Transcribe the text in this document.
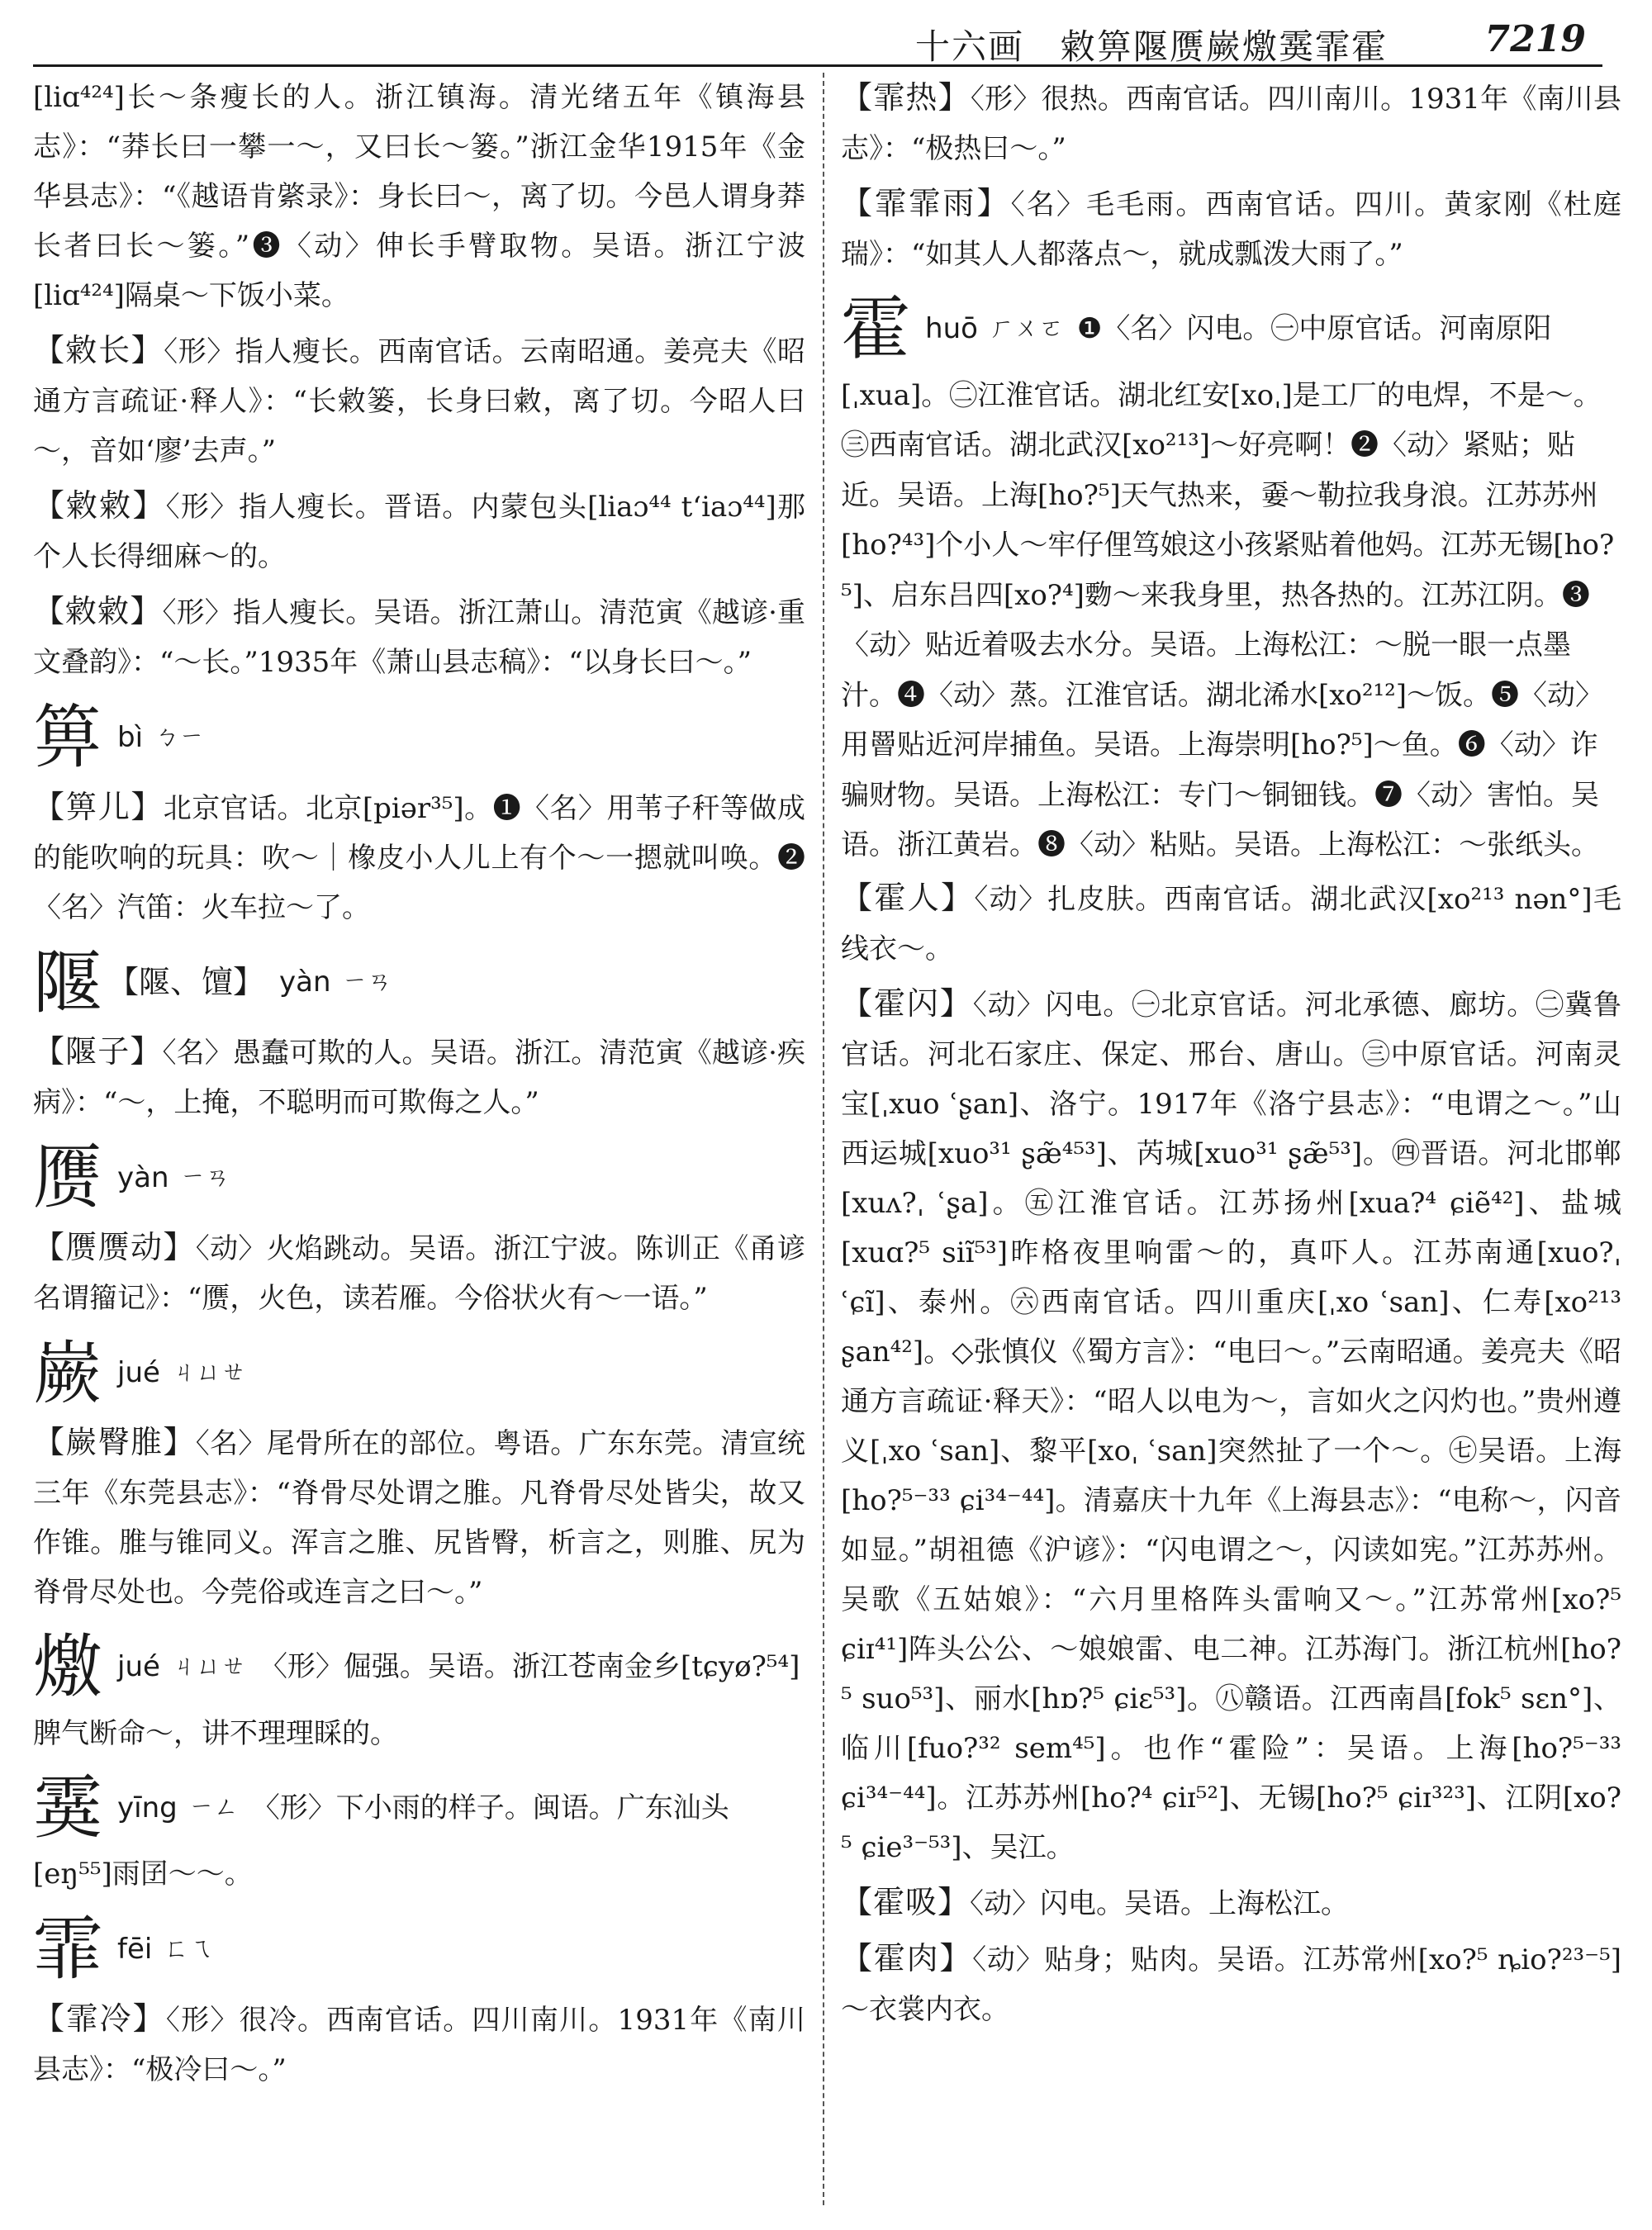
十六画　敹箅隁赝嶡燩霙霏霍	7219

[liɑ⁴²⁴]长～条瘦长的人。浙江镇海。清光绪五年《镇海县志》：“莽长曰一攀一～，又曰长～篓。”浙江金华1915年《金华县志》：“《越语肯綮录》：身长曰～，离了切。今邑人谓身莽长者曰长～篓。”❸〈动〉伸长手臂取物。吴语。浙江宁波[liɑ⁴²⁴]隔桌～下饭小菜。

【敹长】〈形〉指人瘦长。西南官话。云南昭通。姜亮夫《昭通方言疏证·释人》：“长敹篓，长身曰敹，离了切。今昭人曰～，音如‘廖’去声。”

【敹敹】〈形〉指人瘦长。晋语。内蒙包头[liaɔ⁴⁴ t‘iaɔ⁴⁴]那个人长得细麻～的。

【敹敹】〈形〉指人瘦长。吴语。浙江萧山。清范寅《越谚·重文叠韵》：“～长。”1935年《萧山县志稿》：“以身长曰～。”

箅bì ㄅㄧ

【箅儿】北京官话。北京[piər³⁵]。❶〈名〉用苇子秆等做成的能吹响的玩具：吹～｜橡皮小人儿上有个～一摁就叫唤。❷〈名〉汽笛：火车拉～了。

隁 【隁、𫗴】 yàn ㄧㄢ

【隁子】〈名〉愚蠢可欺的人。吴语。浙江。清范寅《越谚·疾病》：“～，上掩，不聪明而可欺侮之人。”

赝yàn ㄧㄢ

【赝赝动】〈动〉火焰跳动。吴语。浙江宁波。陈训正《甬谚名谓籀记》：“赝，火色，读若雁。今俗状火有～一语。”

嶡jué ㄐㄩㄝ

【嶡臀脽】〈名〉尾骨所在的部位。粤语。广东东莞。清宣统三年《东莞县志》：“脊骨尽处谓之脽。凡脊骨尽处皆尖，故又作锥。脽与锥同义。浑言之脽、尻皆臀，析言之，则脽、尻为脊骨尽处也。今莞俗或连言之曰～。”

燩jué ㄐㄩㄝ 〈形〉倔强。吴语。浙江苍南金乡[tɕyø?⁵⁴]脾气断命～，讲不理理睬的。
霙yīng ㄧㄥ 〈形〉下小雨的样子。闽语。广东汕头[eŋ⁵⁵]雨囝～～。
霏fēi ㄈㄟ

【霏冷】〈形〉很冷。西南官话。四川南川。1931年《南川县志》：“极冷曰～。”

【霏热】〈形〉很热。西南官话。四川南川。1931年《南川县志》：“极热曰～。”

【霏霏雨】〈名〉毛毛雨。西南官话。四川。黄家刚《杜庭瑞》：“如其人人都落点～，就成瓢泼大雨了。”

霍huō ㄏㄨㄛ ❶〈名〉闪电。㊀中原官话。河南原阳[ˌxua]。㊁江淮官话。湖北红安[xoˌ]是工厂的电焊，不是～。㊂西南官话。湖北武汉[xo²¹³]～好亮啊！❷〈动〉紧贴；贴近。吴语。上海[ho?⁵]天气热来，嫑～勒拉我身浪。江苏苏州[ho?⁴³]个小人～牢仔俚笃娘这小孩紧贴着他妈。江苏无锡[ho?⁵]、启东吕四[xo?⁴]覅～来我身里，热各热的。江苏江阴。❸〈动〉贴近着吸去水分。吴语。上海松江：～脱一眼一点墨汁。❹〈动〉蒸。江淮官话。湖北浠水[xo²¹²]～饭。❺〈动〉用罾贴近河岸捕鱼。吴语。上海崇明[ho?⁵]～鱼。❻〈动〉诈骗财物。吴语。上海松江：专门～铜钿钱。❼〈动〉害怕。吴语。浙江黄岩。❽〈动〉粘贴。吴语。上海松江：～张纸头。

【霍人】〈动〉扎皮肤。西南官话。湖北武汉[xo²¹³ nən°]毛线衣～。

【霍闪】〈动〉闪电。㊀北京官话。河北承德、廊坊。㊁冀鲁官话。河北石家庄、保定、邢台、唐山。㊂中原官话。河南灵宝[ˌxuo ʿʂan]、洛宁。1917年《洛宁县志》：“电谓之～。”山西运城[xuo³¹ ʂæ̃⁴⁵³]、芮城[xuo³¹ ʂæ̃⁵³]。㊃晋语。河北邯郸[xuʌ?ˌ ʿʂa]。㊄江淮官话。江苏扬州[xua?⁴ ɕiẽ⁴²]、盐城[xuɑ?⁵ siĩ⁵³]昨格夜里响雷～的，真吓人。江苏南通[xuo?ˌ ʿɕĩ]、泰州。㊅西南官话。四川重庆[ˌxo ʿsan]、仁寿[xo²¹³ ʂan⁴²]。◇张慎仪《蜀方言》：“电曰～。”云南昭通。姜亮夫《昭通方言疏证·释天》：“昭人以电为～，言如火之闪灼也。”贵州遵义[ˌxo ʿsan]、黎平[xoˌ ʿsan]突然扯了一个～。㊆吴语。上海[ho?⁵⁻³³ ɕi³⁴⁻⁴⁴]。清嘉庆十九年《上海县志》：“电称～，闪音如显。”胡祖德《沪谚》：“闪电谓之～，闪读如宪。”江苏苏州。吴歌《五姑娘》：“六月里格阵头雷响又～。”江苏常州[xo?⁵ ɕiɪ⁴¹]阵头公公、～娘娘雷、电二神。江苏海门。浙江杭州[ho?⁵ suo⁵³]、丽水[hɒ?⁵ ɕiɛ⁵³]。㊇赣语。江西南昌[fok⁵ sɛn°]、临川[fuo?³² sem⁴⁵]。也作“霍险”：吴语。上海[ho?⁵⁻³³ ɕi³⁴⁻⁴⁴]。江苏苏州[ho?⁴ ɕiɪ⁵²]、无锡[ho?⁵ ɕiɪ³²³]、江阴[xo?⁵ ɕie³⁻⁵³]、吴江。

【霍吸】〈动〉闪电。吴语。上海松江。

【霍肉】〈动〉贴身；贴肉。吴语。江苏常州[xo?⁵ ȵio?²³⁻⁵]～衣裳内衣。
